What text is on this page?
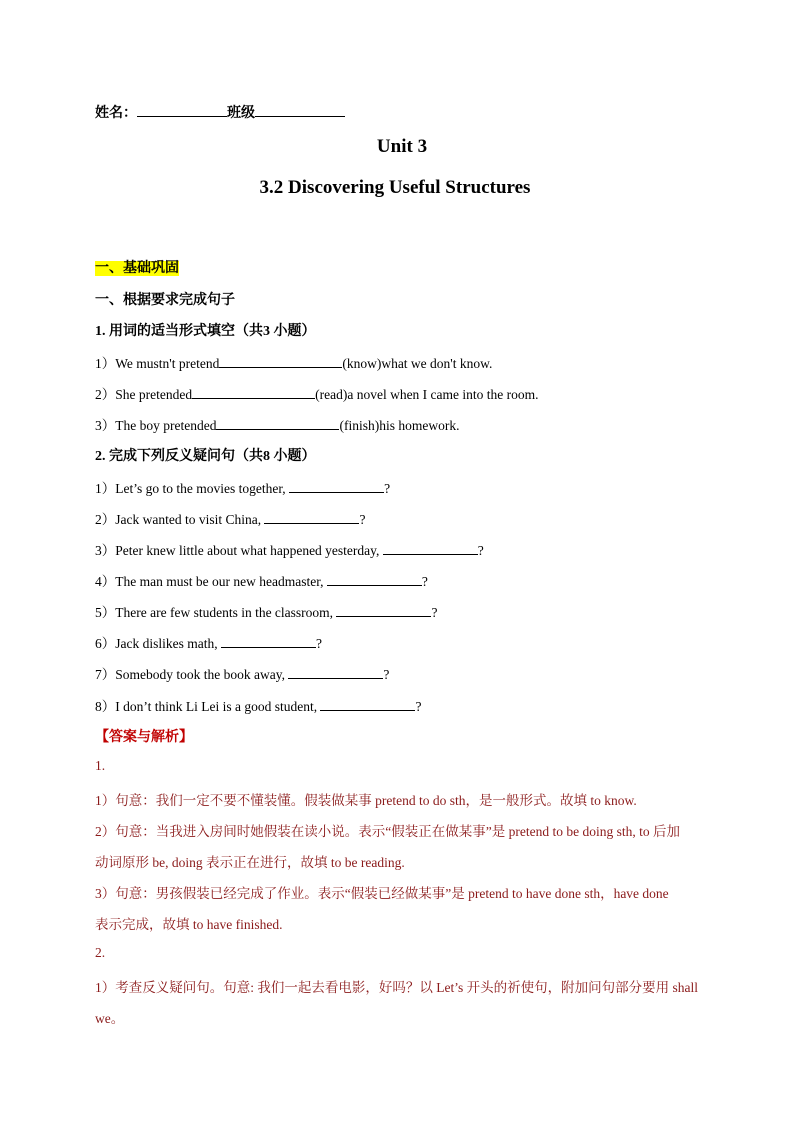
姓名：	班级
Unit 3
3.2 Discovering Useful Structures
一、基础巩固
一、根据要求完成句子
1. 用词的适当形式填空（共3 小题）
1）We mustn't pretend	(know)what we don't know.
2）She pretended	(read)a novel when I came into the room.
3）The boy pretended	(finish)his homework.
2. 完成下列反义疑问句（共8 小题）
1）Let’s go to the movies together,	?
2）Jack wanted to visit China,	?
3）Peter knew little about what happened yesterday,	?
4）The man must be our new headmaster,	?
5）There are few students in the classroom,	?
6）Jack dislikes math,	?
7）Somebody took the book away,	?
8）I don’t think Li Lei is a good student,	?
【答案与解析】
1.
1）句意：我们一定不要不懂装懂。假装做某事 pretend to do sth，是一般形式。故填 to know.
2）句意：当我进入房间时她假装在读小说。表示“假装正在做某事”是 pretend to be doing sth, to 后加
动词原形 be, doing 表示正在进行，故填 to be reading.
3）句意：男孩假装已经完成了作业。表示“假装已经做某事”是 pretend to have done sth，have done
表示完成，故填 to have finished.
2.
1）考查反义疑问句。句意: 我们一起去看电影，好吗？以 Let’s 开头的祈使句，附加问句部分要用 shall
we。
